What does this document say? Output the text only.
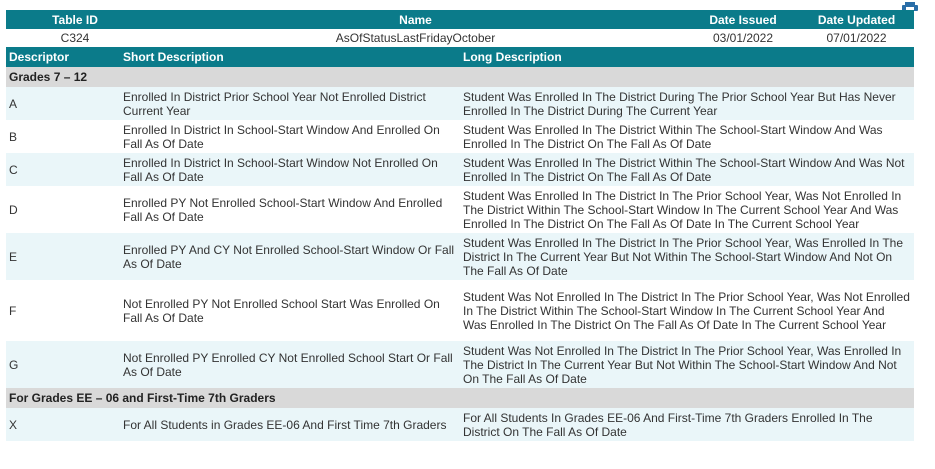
Table ID	Name	Date Issued	Date Updated
C324	AsOfStatusLastFridayOctober	03/01/2022	07/01/2022
Descriptor	Short Description	Long Description
Grades 7 – 12		
A	Enrolled In District Prior School Year Not Enrolled District Current Year	Student Was Enrolled In The District During The Prior School Year But Has Never Enrolled In The District During The Current Year
B	Enrolled In District In School-Start Window And Enrolled On Fall As Of Date	Student Was Enrolled In The District Within The School-Start Window And Was Enrolled In The District On The Fall As Of Date
C	Enrolled In District In School-Start Window Not Enrolled On Fall As Of Date	Student Was Enrolled In The District Within The School-Start Window And Was Not Enrolled In The District On The Fall As Of Date
D	Enrolled PY Not Enrolled School-Start Window And Enrolled Fall As Of Date	Student Was Enrolled In The District In The Prior School Year, Was Not Enrolled In The District Within The School-Start Window In The Current School Year And Was Enrolled In The District On The Fall As Of Date In The Current School Year
E	Enrolled PY And CY Not Enrolled School-Start Window Or Fall As Of Date	Student Was Enrolled In The District In The Prior School Year, Was Enrolled In The District In The Current Year But Not Within The School-Start Window And Not On The Fall As Of Date
F	Not Enrolled PY Not Enrolled School Start Was Enrolled On Fall As Of Date	Student Was Not Enrolled In The District In The Prior School Year, Was Not Enrolled In The District Within The School-Start Window In The Current School Year And Was Enrolled In The District On The Fall As Of Date In The Current School Year
G	Not Enrolled PY Enrolled CY Not Enrolled School Start Or Fall As Of Date	Student Was Not Enrolled In The District In The Prior School Year, Was Enrolled In The District In The Current Year But Not Within The School-Start Window And Not On The Fall As Of Date
For Grades EE – 06 and First-Time 7th Graders		
X	For All Students in Grades EE-06 And First Time 7th Graders	For All Students In Grades EE-06 And First-Time 7th Graders Enrolled In The District On The Fall As Of Date
